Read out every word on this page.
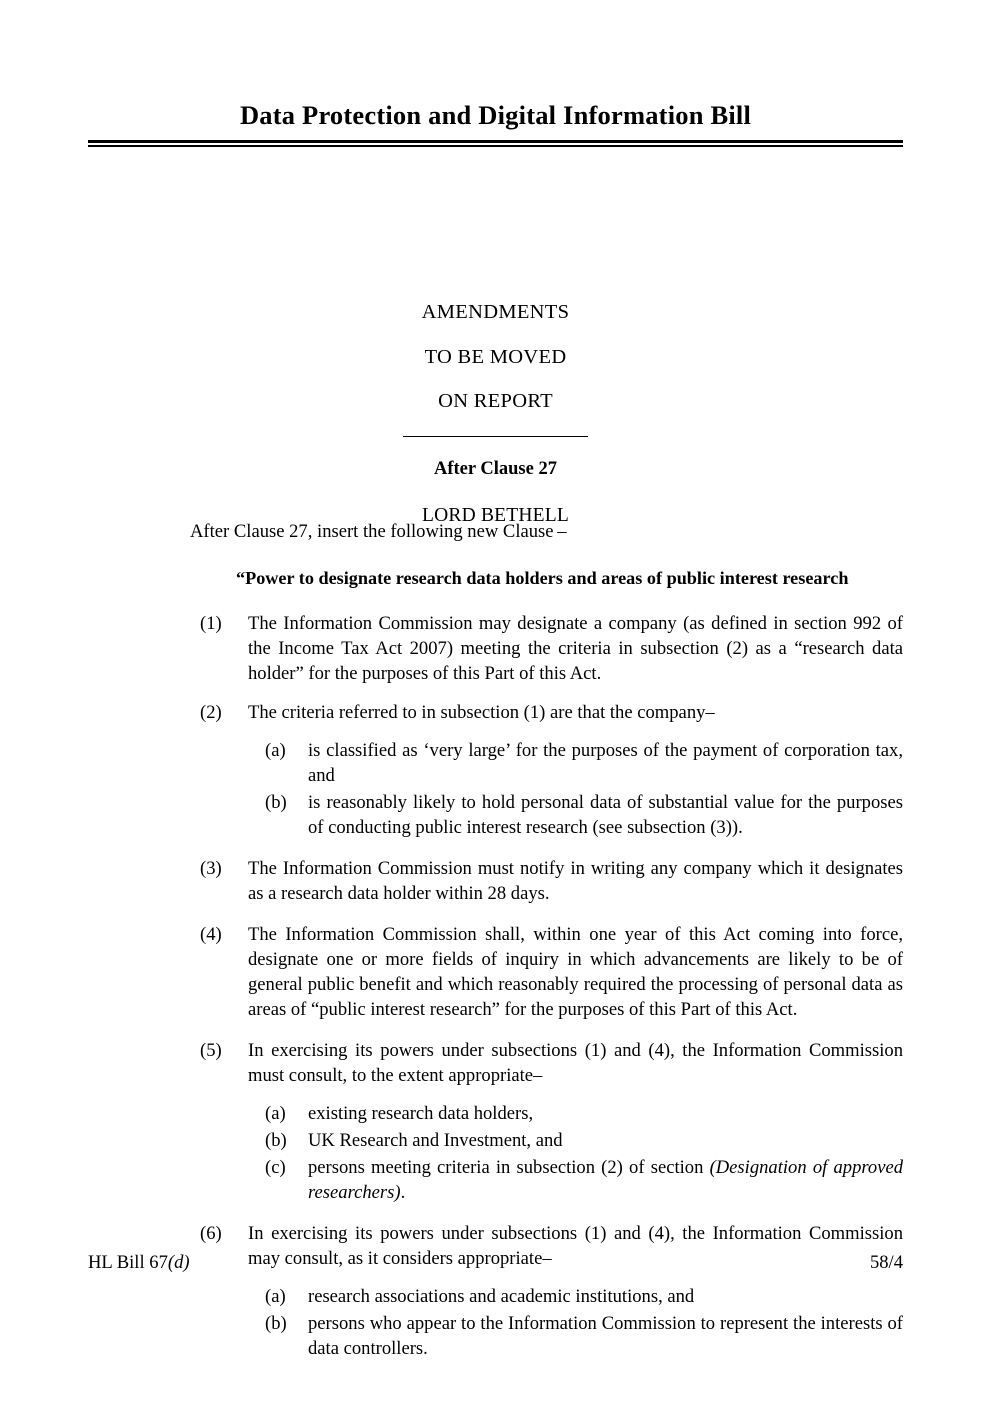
Data Protection and Digital Information Bill

AMENDMENTS

TO BE MOVED

ON REPORT

After Clause 27

LORD BETHELL

After Clause 27, insert the following new Clause –

“Power to designate research data holders and areas of public interest research

(1)	The Information Commission may designate a company (as defined in section 992 of the Income Tax Act 2007) meeting the criteria in subsection (2) as a “research data holder” for the purposes of this Part of this Act.
(2)	The criteria referred to in subsection (1) are that the company–
(a)	is classified as ‘very large’ for the purposes of the payment of corporation tax, and
(b)	is reasonably likely to hold personal data of substantial value for the purposes of conducting public interest research (see subsection (3)).
(3)	The Information Commission must notify in writing any company which it designates as a research data holder within 28 days.
(4)	The Information Commission shall, within one year of this Act coming into force, designate one or more fields of inquiry in which advancements are likely to be of general public benefit and which reasonably required the processing of personal data as areas of “public interest research” for the purposes of this Part of this Act.
(5)	In exercising its powers under subsections (1) and (4), the Information Commission must consult, to the extent appropriate–
(a)	existing research data holders,
(b)	UK Research and Investment, and
(c)	persons meeting criteria in subsection (2) of section (Designation of approved researchers).
(6)	In exercising its powers under subsections (1) and (4), the Information Commission may consult, as it considers appropriate–
(a)	research associations and academic institutions, and
(b)	persons who appear to the Information Commission to represent the interests of data controllers.
HL Bill 67(d)	58/4
